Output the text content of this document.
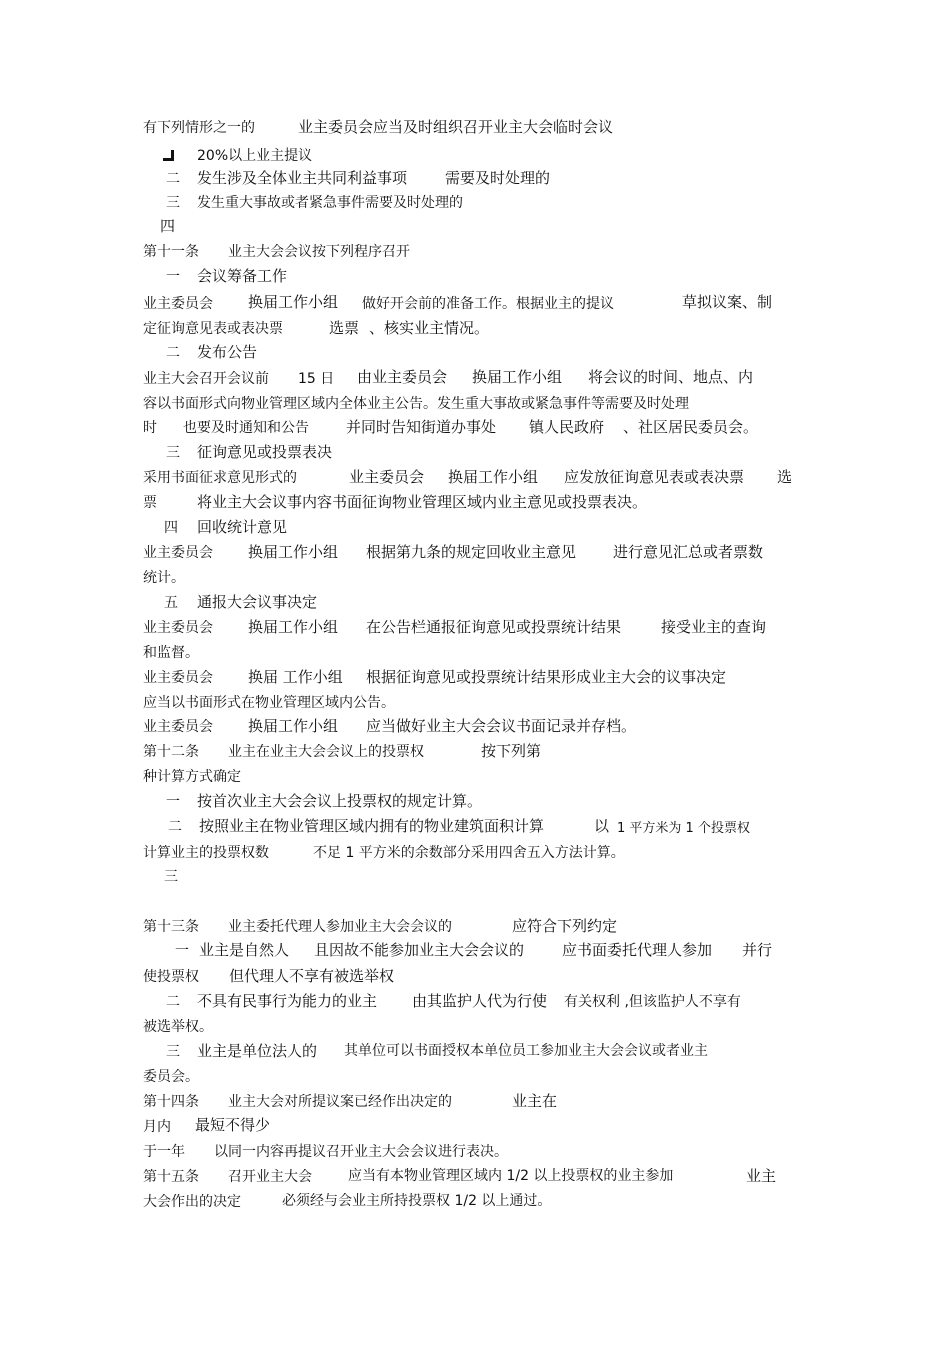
有下列情形之一的	业主委员会应当及时组织召开业主大会临时会议
20%以上业主提议
二 发生涉及全体业主共同利益事项	需要及时处理的
三 发生重大事故或者紧急事件需要及时处理的
四
第十一条 业主大会会议按下列程序召开
一 会议筹备工作
业主委员会 换届工作小组 做好开会前的准备工作。根据业主的提议	草拟议案、制
定征询意见表或表决票	选票 、核实业主情况。
二 发布公告
业主大会召开会议前 15 日 由业主委员会 换届工作小组 将会议的时间、地点、内
容以书面形式向物业管理区域内全体业主公告。发生重大事故或紧急事件等需要及时处理
时 也要及时通知和公告 并同时告知街道办事处 镇人民政府 、社区居民委员会。
三 征询意见或投票表决
采用书面征求意见形式的	业主委员会 换届工作小组 应发放征询意见表或表决票 选
票	将业主大会议事内容书面征询物业管理区域内业主意见或投票表决。
四 回收统计意见
业主委员会 换届工作小组 根据第九条的规定回收业主意见 进行意见汇总或者票数
统计。
五 通报大会议事决定
业主委员会 换届工作小组 在公告栏通报征询意见或投票统计结果	接受业主的查询
和监督。
业主委员会 换届 工作小组 根据征询意见或投票统计结果形成业主大会的议事决定
应当以书面形式在物业管理区域内公告。
业主委员会 换届工作小组 应当做好业主大会会议书面记录并存档。
第十二条 业主在业主大会会议上的投票权	按下列第
种计算方式确定
一 按首次业主大会会议上投票权的规定计算。
二 按照业主在物业管理区域内拥有的物业建筑面积计算	以 1 平方米为 1 个投票权
计算业主的投票权数	不足 1 平方米的余数部分采用四舍五入方法计算。
三
第十三条 业主委托代理人参加业主大会会议的	应符合下列约定
一 业主是自然人 且因故不能参加业主大会会议的	应书面委托代理人参加 并行
使投票权 但代理人不享有被选举权
二 不具有民事行为能力的业主 由其监护人代为行使 有关权利 ,但该监护人不享有
被选举权。
三 业主是单位法人的 其单位可以书面授权本单位员工参加业主大会会议或者业主
委员会。
第十四条 业主大会对所提议案已经作出决定的	业主在
月内 最短不得少
于一年 以同一内容再提议召开业主大会会议进行表决。
第十五条 召开业主大会	应当有本物业管理区域内 1/2 以上投票权的业主参加	业主
大会作出的决定	必须经与会业主所持投票权 1/2 以上通过。
